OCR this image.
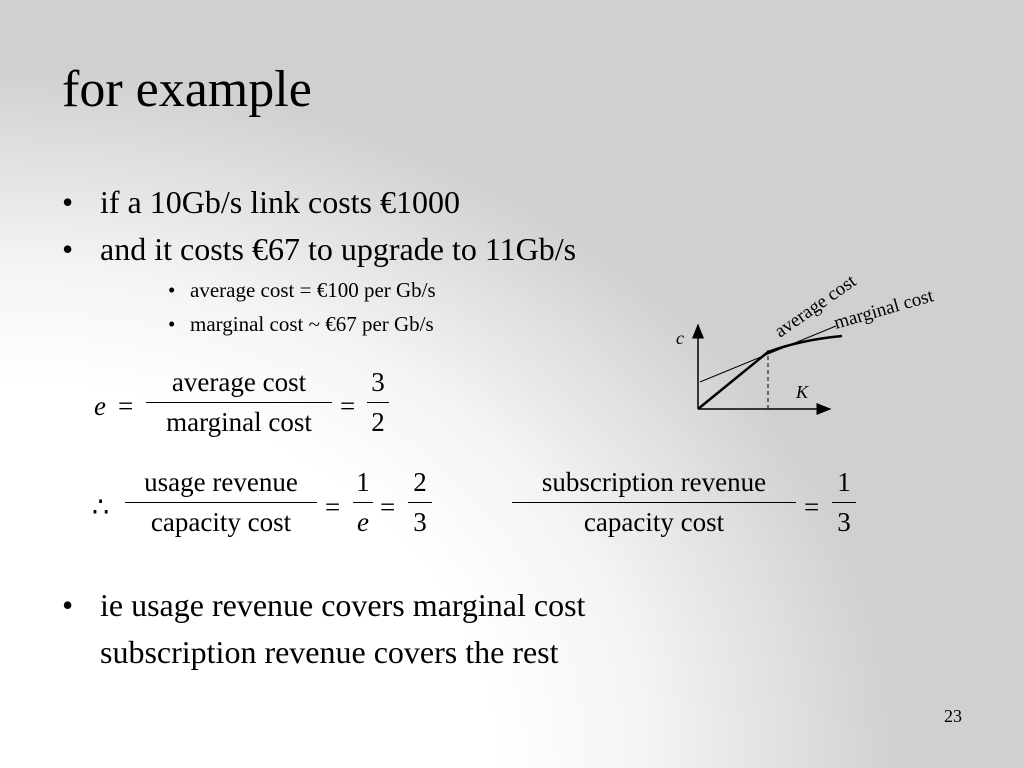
for example
• if a 10Gb/s link costs €1000
• and it costs €67 to upgrade to 11Gb/s
• average cost = €100 per Gb/s
• marginal cost ~ €67 per Gb/s
e =
average cost
marginal cost
= $\frac{3}{2}$
∴
usage revenue
capacity cost	= $\frac{1}{e} = \frac{2}{3}$	subscription revenue
capacity cost	= $\frac{1}{3}$
c
K
average cost
marginal cost
• ie usage revenue covers marginal cost
subscription revenue covers the rest
23
